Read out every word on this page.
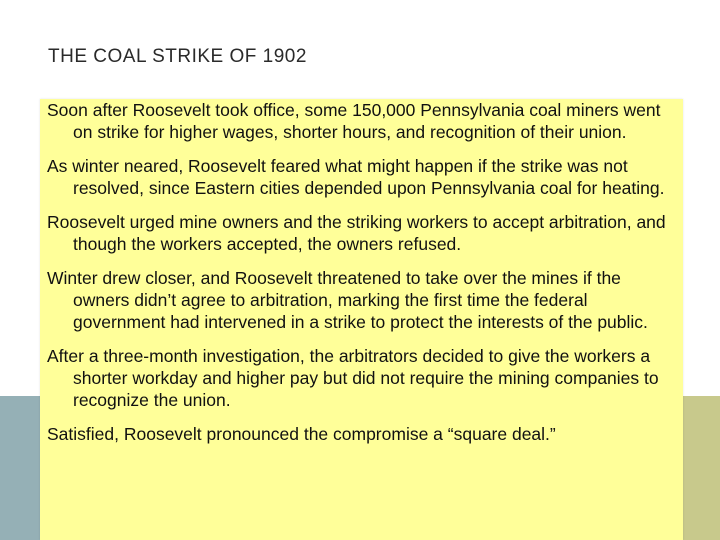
THE COAL STRIKE OF 1902
Soon after Roosevelt took office, some 150,000 Pennsylvania coal miners went on strike for higher wages, shorter hours, and recognition of their union.
As winter neared, Roosevelt feared what might happen if the strike was not resolved, since Eastern cities depended upon Pennsylvania coal for heating.
Roosevelt urged mine owners and the striking workers to accept arbitration, and though the workers accepted, the owners refused.
Winter drew closer, and Roosevelt threatened to take over the mines if the owners didn’t agree to arbitration, marking the first time the federal government had intervened in a strike to protect the interests of the public.
After a three-month investigation, the arbitrators decided to give the workers a shorter workday and higher pay but did not require the mining companies to recognize the union.
Satisfied, Roosevelt pronounced the compromise a “square deal.”
